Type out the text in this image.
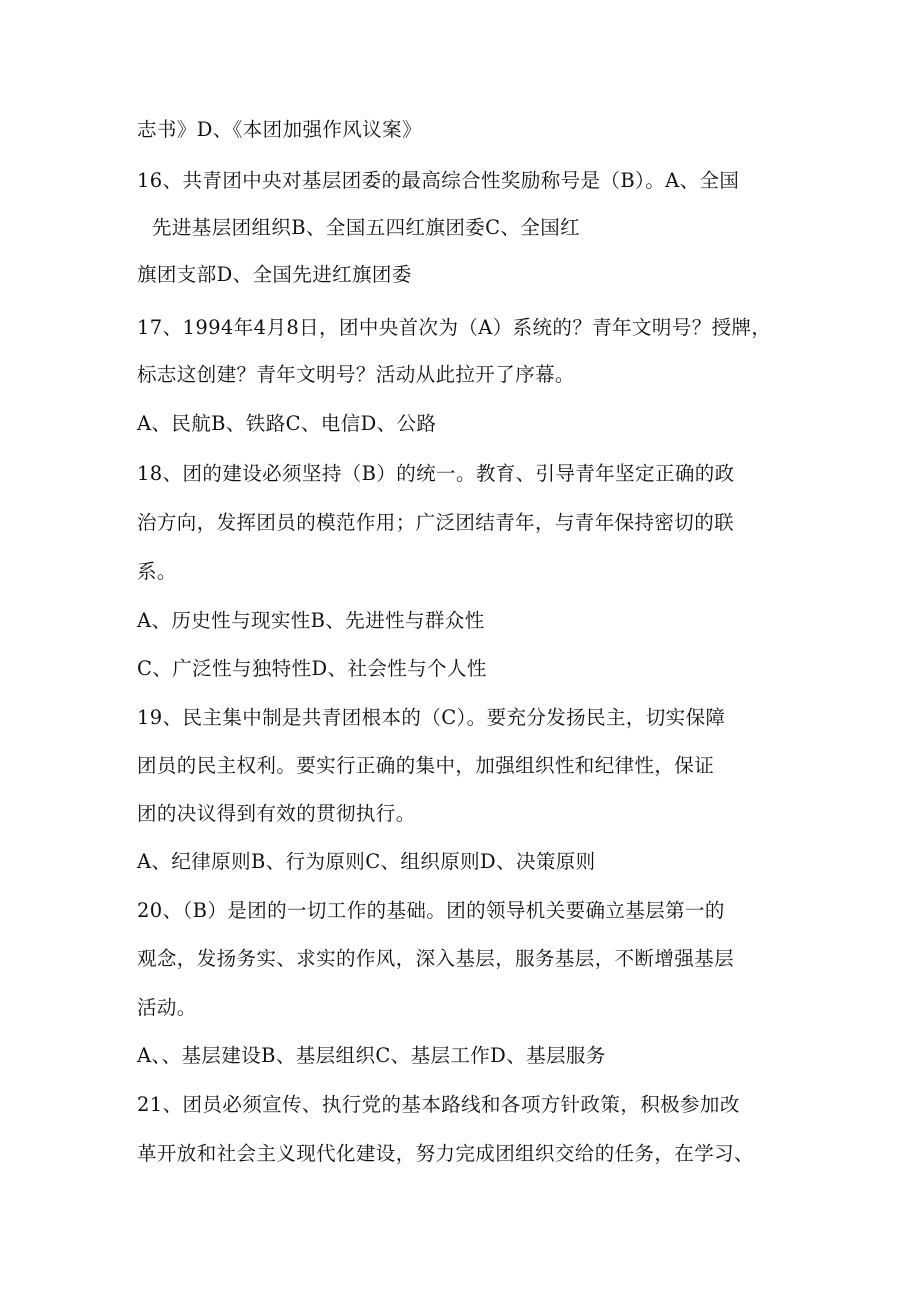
志书》D、《本团加强作风议案》
16、共青团中央对基层团委的最高综合性奖励称号是（B）。A、全国
先进基层团组织B、全国五四红旗团委C、全国红
旗团支部D、全国先进红旗团委
17、1994年4月8日，团中央首次为（A）系统的？青年文明号？授牌，
标志这创建？青年文明号？活动从此拉开了序幕。
A、民航B、铁路C、电信D、公路
18、团的建设必须坚持（B）的统一。教育、引导青年坚定正确的政
治方向，发挥团员的模范作用；广泛团结青年，与青年保持密切的联
系。
A、历史性与现实性B、先进性与群众性
C、广泛性与独特性D、社会性与个人性
19、民主集中制是共青团根本的（C）。要充分发扬民主，切实保障
团员的民主权利。要实行正确的集中，加强组织性和纪律性，保证
团的决议得到有效的贯彻执行。
A、纪律原则B、行为原则C、组织原则D、决策原则
20、（B）是团的一切工作的基础。团的领导机关要确立基层第一的
观念，发扬务实、求实的作风，深入基层，服务基层，不断增强基层
活动。
A、、基层建设B、基层组织C、基层工作D、基层服务
21、团员必须宣传、执行党的基本路线和各项方针政策，积极参加改
革开放和社会主义现代化建设，努力完成团组织交给的任务，在学习、
